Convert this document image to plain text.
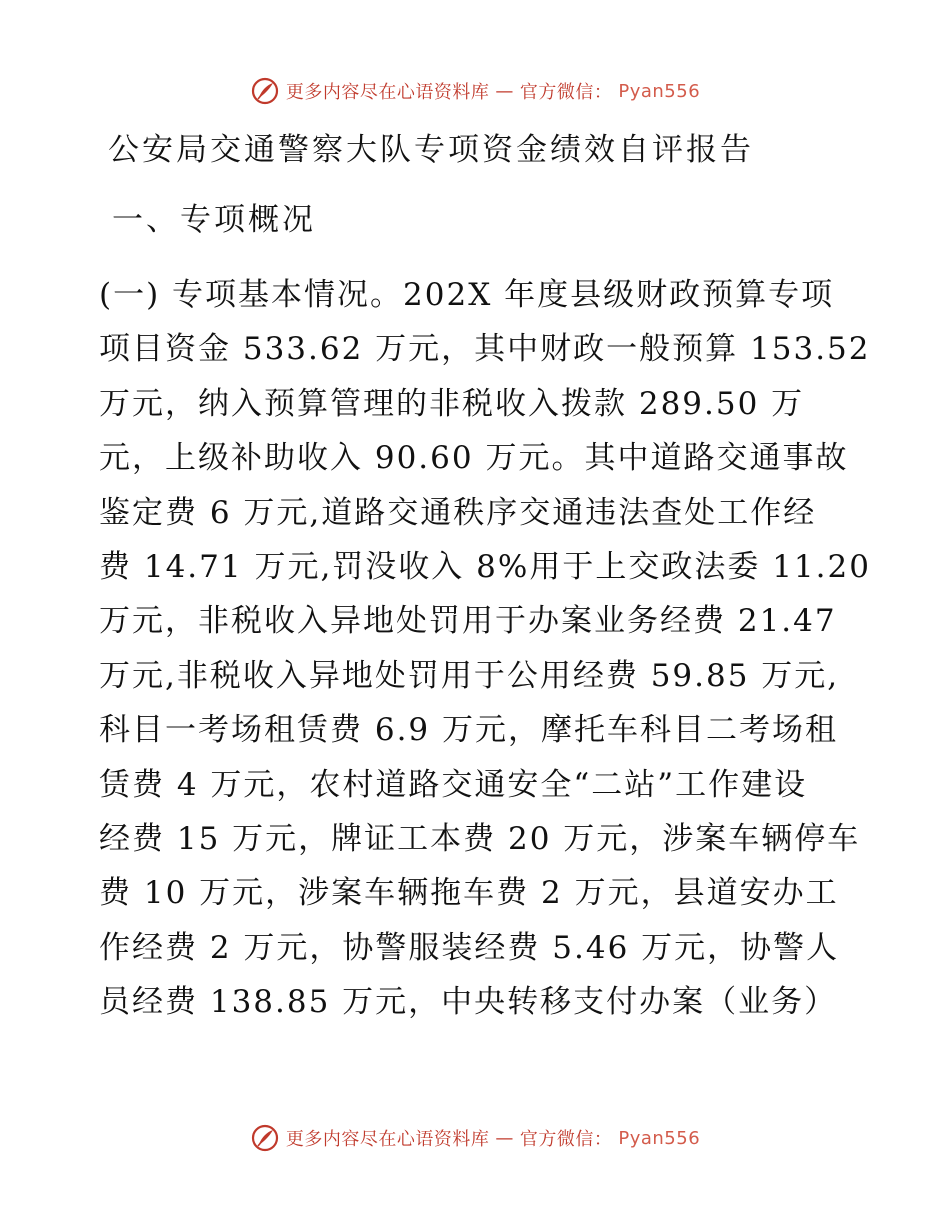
更多内容尽在心语资料库 — 官方微信： Pyan556
公安局交通警察大队专项资金绩效自评报告
一、专项概况
(一) 专项基本情况。202X 年度县级财政预算专项
项目资金 533.62 万元，其中财政一般预算 153.52
万元，纳入预算管理的非税收入拨款 289.50 万
元，上级补助收入 90.60 万元。其中道路交通事故
鉴定费 6 万元,道路交通秩序交通违法查处工作经
费 14.71 万元,罚没收入 8%用于上交政法委 11.20
万元，非税收入异地处罚用于办案业务经费 21.47
万元,非税收入异地处罚用于公用经费 59.85 万元,
科目一考场租赁费 6.9 万元，摩托车科目二考场租
赁费 4 万元，农村道路交通安全“二站”工作建设
经费 15 万元，牌证工本费 20 万元，涉案车辆停车
费 10 万元，涉案车辆拖车费 2 万元，县道安办工
作经费 2 万元，协警服装经费 5.46 万元，协警人
员经费 138.85 万元，中央转移支付办案（业务）
更多内容尽在心语资料库 — 官方微信： Pyan556
